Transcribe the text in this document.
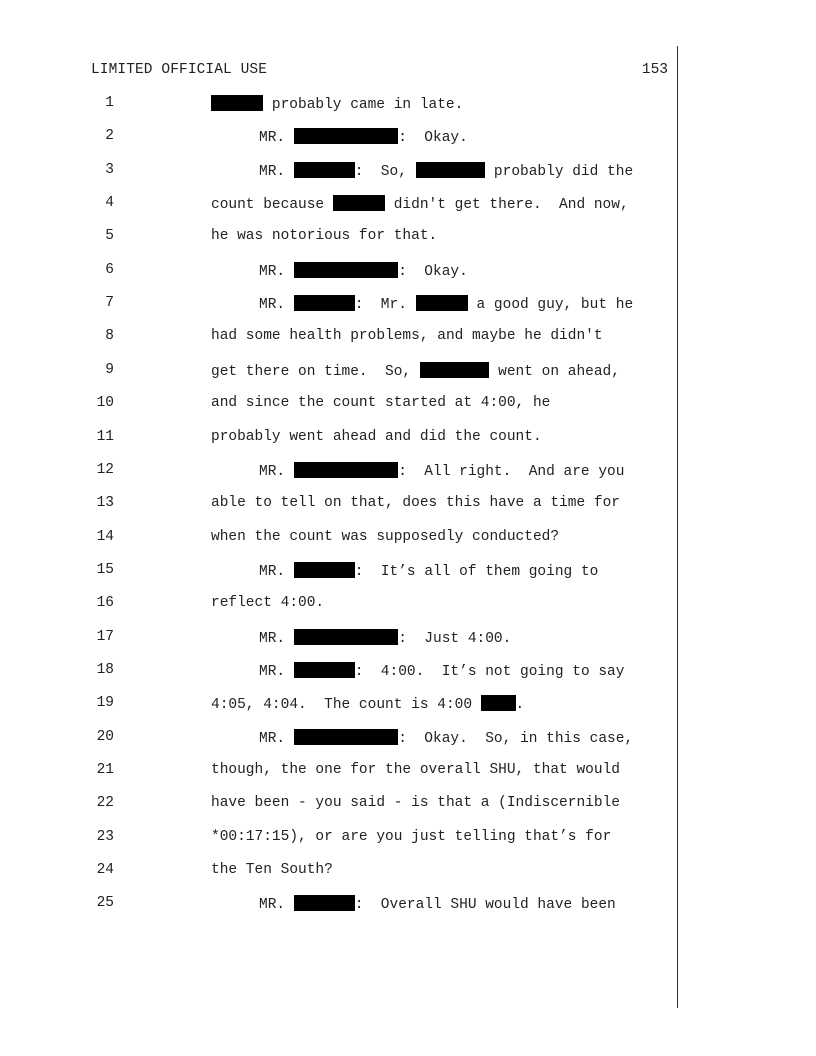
LIMITED OFFICIAL USE	153
1	probably came in late.
2	MR.	:  Okay.
3	MR.	:  So,	probably did the
4	count because	didn't get there.  And now,
5	he was notorious for that.
6	MR.	:  Okay.
7	MR.	:  Mr.	a good guy, but he
8	had some health problems, and maybe he didn't
9	get there on time.  So,	went on ahead,
10	and since the count started at 4:00, he
11	probably went ahead and did the count.
12	MR.	:  All right.  And are you
13	able to tell on that, does this have a time for
14	when the count was supposedly conducted?
15	MR.	:  It’s all of them going to
16	reflect 4:00.
17	MR.	:  Just 4:00.
18	MR.	:  4:00.  It’s not going to say
19	4:05, 4:04.  The count is 4:00 .
20	MR.	:  Okay.  So, in this case,
21	though, the one for the overall SHU, that would
22	have been - you said - is that a (Indiscernible
23	*00:17:15), or are you just telling that’s for
24	the Ten South?
25	MR.	:  Overall SHU would have been
